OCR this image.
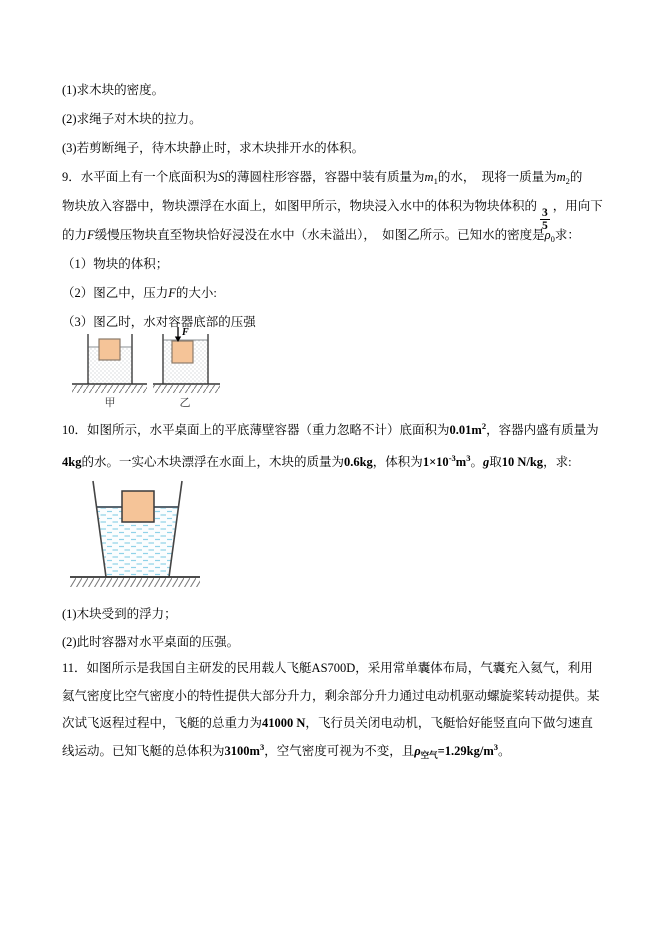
(1)求木块的密度。
(2)求绳子对木块的拉力。
(3)若剪断绳子，待木块静止时，求木块排开水的体积。
9．水平面上有一个底面积为S的薄圆柱形容器，容器中装有质量为$m_1$的水，　现将一质量为$m_2$的
物块放入容器中，物块漂浮在水面上，如图甲所示，物块浸入水中的体积为物块体积的
$\frac{3}{5}$
，用向下
的力F缓慢压物块直至物块恰好浸没在水中（水未溢出），　如图乙所示。已知水的密度是$\rho_0$求：
（1）物块的体积；
（2）图乙中，压力F的大小:
（3）图乙时，水对容器底部的压强
甲
F
乙
10．如图所示，水平桌面上的平底薄壁容器（重力忽略不计）底面积为$0.01m^2$，容器内盛有质量为
4kg的水。一实心木块漂浮在水面上，木块的质量为0.6kg，体积为$1\times 10^{-3}m^3$。g取10 N/kg，求:
(1)木块受到的浮力；
(2)此时容器对水平桌面的压强。
11．如图所示是我国自主研发的民用载人飞艇AS700D，采用常单囊体布局，气囊充入氦气，利用
氦气密度比空气密度小的特性提供大部分升力，剩余部分升力通过电动机驱动螺旋桨转动提供。某
次试飞返程过程中，飞艇的总重力为41000 N，飞行员关闭电动机，飞艇恰好能竖直向下做匀速直
线运动。已知飞艇的总体积为$3100m^3$，空气密度可视为不变，且$\rho_{空气}=1.29kg/m^3$。
